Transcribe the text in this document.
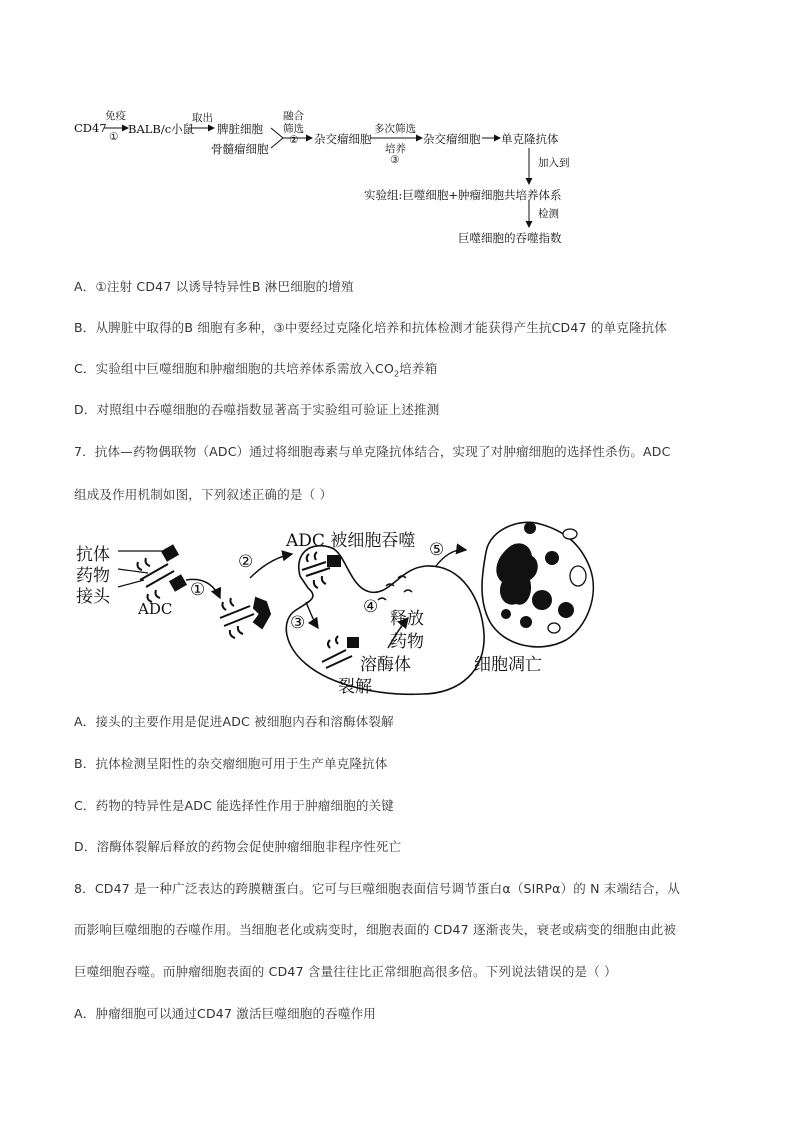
CD47
免疫
①
BALB/c小鼠
取出
脾脏细胞
骨髓瘤细胞
融合
筛选
② 杂交瘤细胞
多次筛选
培养
③
杂交瘤细胞 单克隆抗体
加入到
实验组:巨噬细胞+肿瘤细胞共培养体系
检测
巨噬细胞的吞噬指数
A．①注射 CD47 以诱导特异性B 淋巴细胞的增殖
B．从脾脏中取得的B 细胞有多种，③中要经过克隆化培养和抗体检测才能获得产生抗CD47 的单克隆抗体
C．实验组中巨噬细胞和肿瘤细胞的共培养体系需放入$CO_2$培养箱
D．对照组中吞噬细胞的吞噬指数显著高于实验组可验证上述推测
7．抗体—药物偶联物（ADC）通过将细胞毒素与单克隆抗体结合，实现了对肿瘤细胞的选择性杀伤。ADC
组成及作用机制如图，下列叙述正确的是（ ）
抗体
药物
接头
ADC
①
②
ADC 被细胞吞噬
③
④
释放
药物
溶酶体
裂解
⑤
细胞凋亡
A．接头的主要作用是促进ADC 被细胞内吞和溶酶体裂解
B．抗体检测呈阳性的杂交瘤细胞可用于生产单克隆抗体
C．药物的特异性是ADC 能选择性作用于肿瘤细胞的关键
D．溶酶体裂解后释放的药物会促使肿瘤细胞非程序性死亡
8．CD47 是一种广泛表达的跨膜糖蛋白。它可与巨噬细胞表面信号调节蛋白α（SIRPα）的 N 末端结合，从
而影响巨噬细胞的吞噬作用。当细胞老化或病变时，细胞表面的 CD47 逐渐丧失，衰老或病变的细胞由此被
巨噬细胞吞噬。而肿瘤细胞表面的 CD47 含量往往比正常细胞高很多倍。下列说法错误的是（ ）
A．肿瘤细胞可以通过CD47 激活巨噬细胞的吞噬作用
